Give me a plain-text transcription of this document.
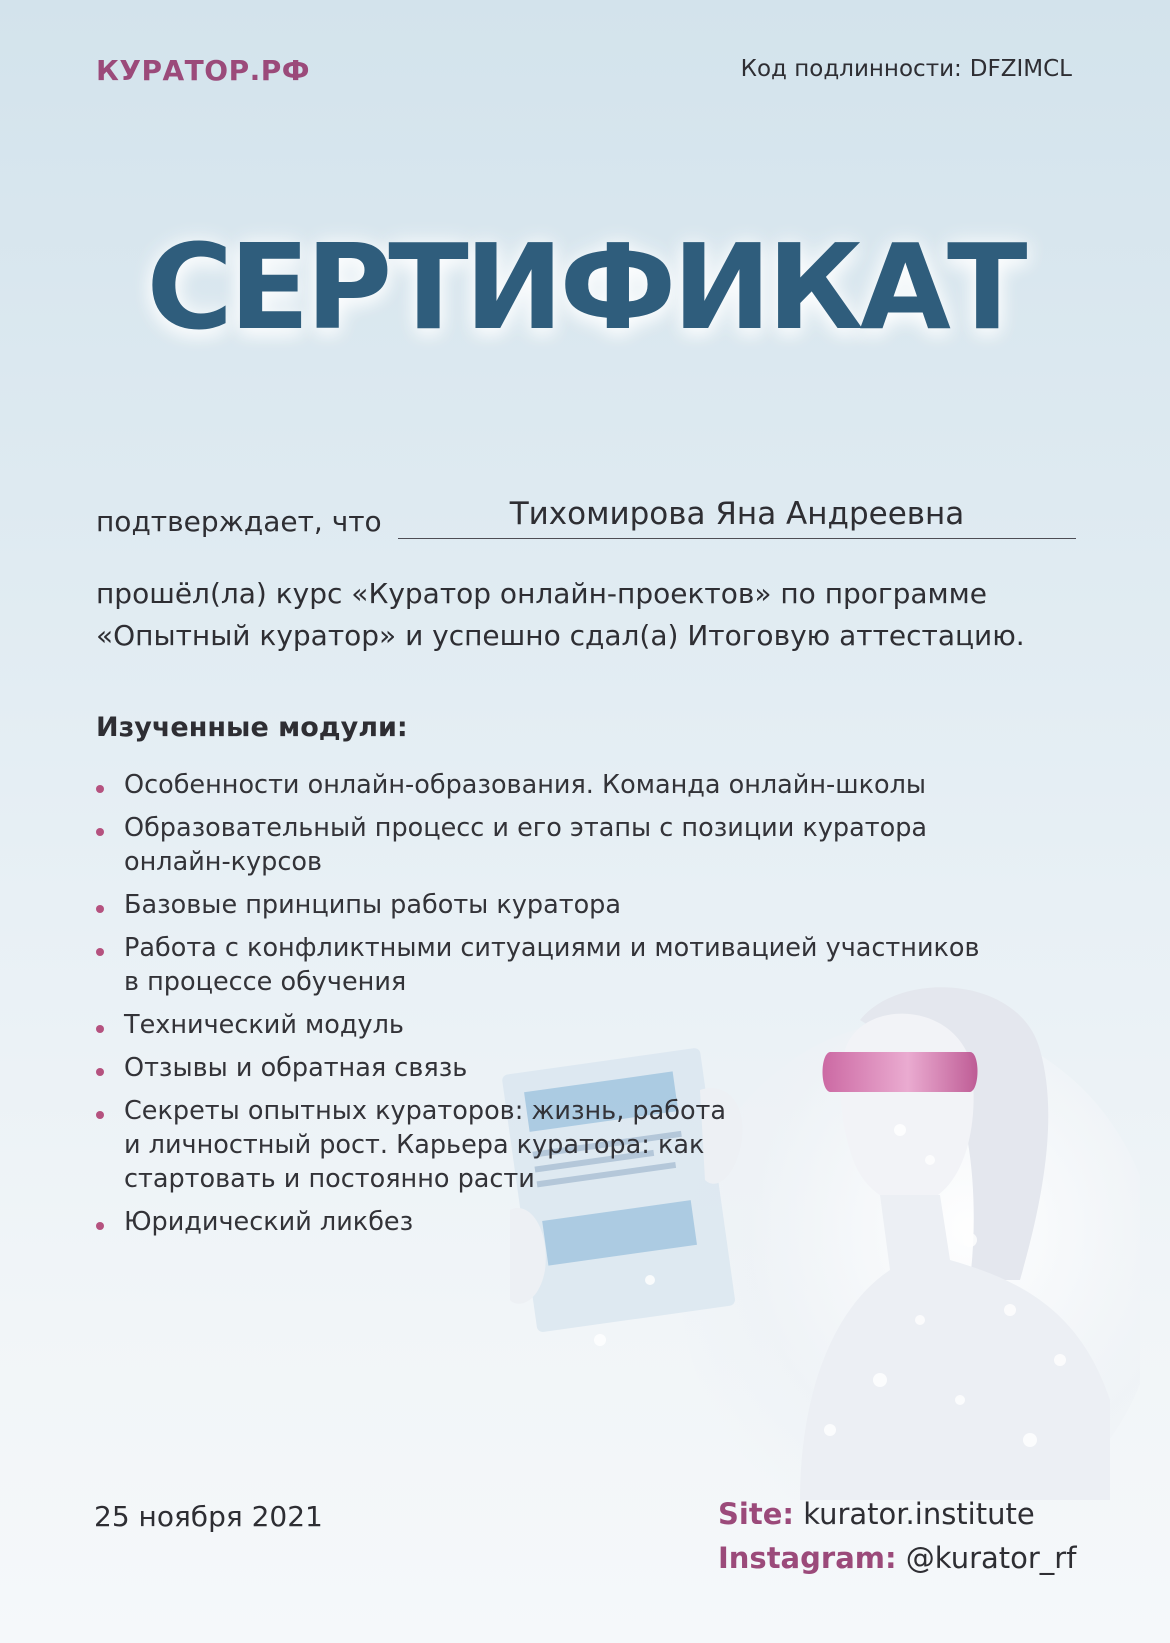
КУРАТОР.РФ	Код подлинности: DFZIMCL
СЕРТИФИКАТ
подтверждает, что	Тихомирова Яна Андреевна
прошёл(ла) курс «Куратор онлайн-проектов» по программе «Опытный куратор» и успешно сдал(а) Итоговую аттестацию.
Изученные модули:
Особенности онлайн-образования. Команда онлайн-школы
Образовательный процесс и его этапы с позиции куратора онлайн-курсов
Базовые принципы работы куратора
Работа с конфликтными ситуациями и мотивацией участников в процессе обучения
Технический модуль
Отзывы и обратная связь
Секреты опытных кураторов: жизнь, работа и личностный рост. Карьера куратора: как стартовать и постоянно расти
Юридический ликбез
25 ноября 2021	Site: kurator.institute
Instagram: @kurator_rf
